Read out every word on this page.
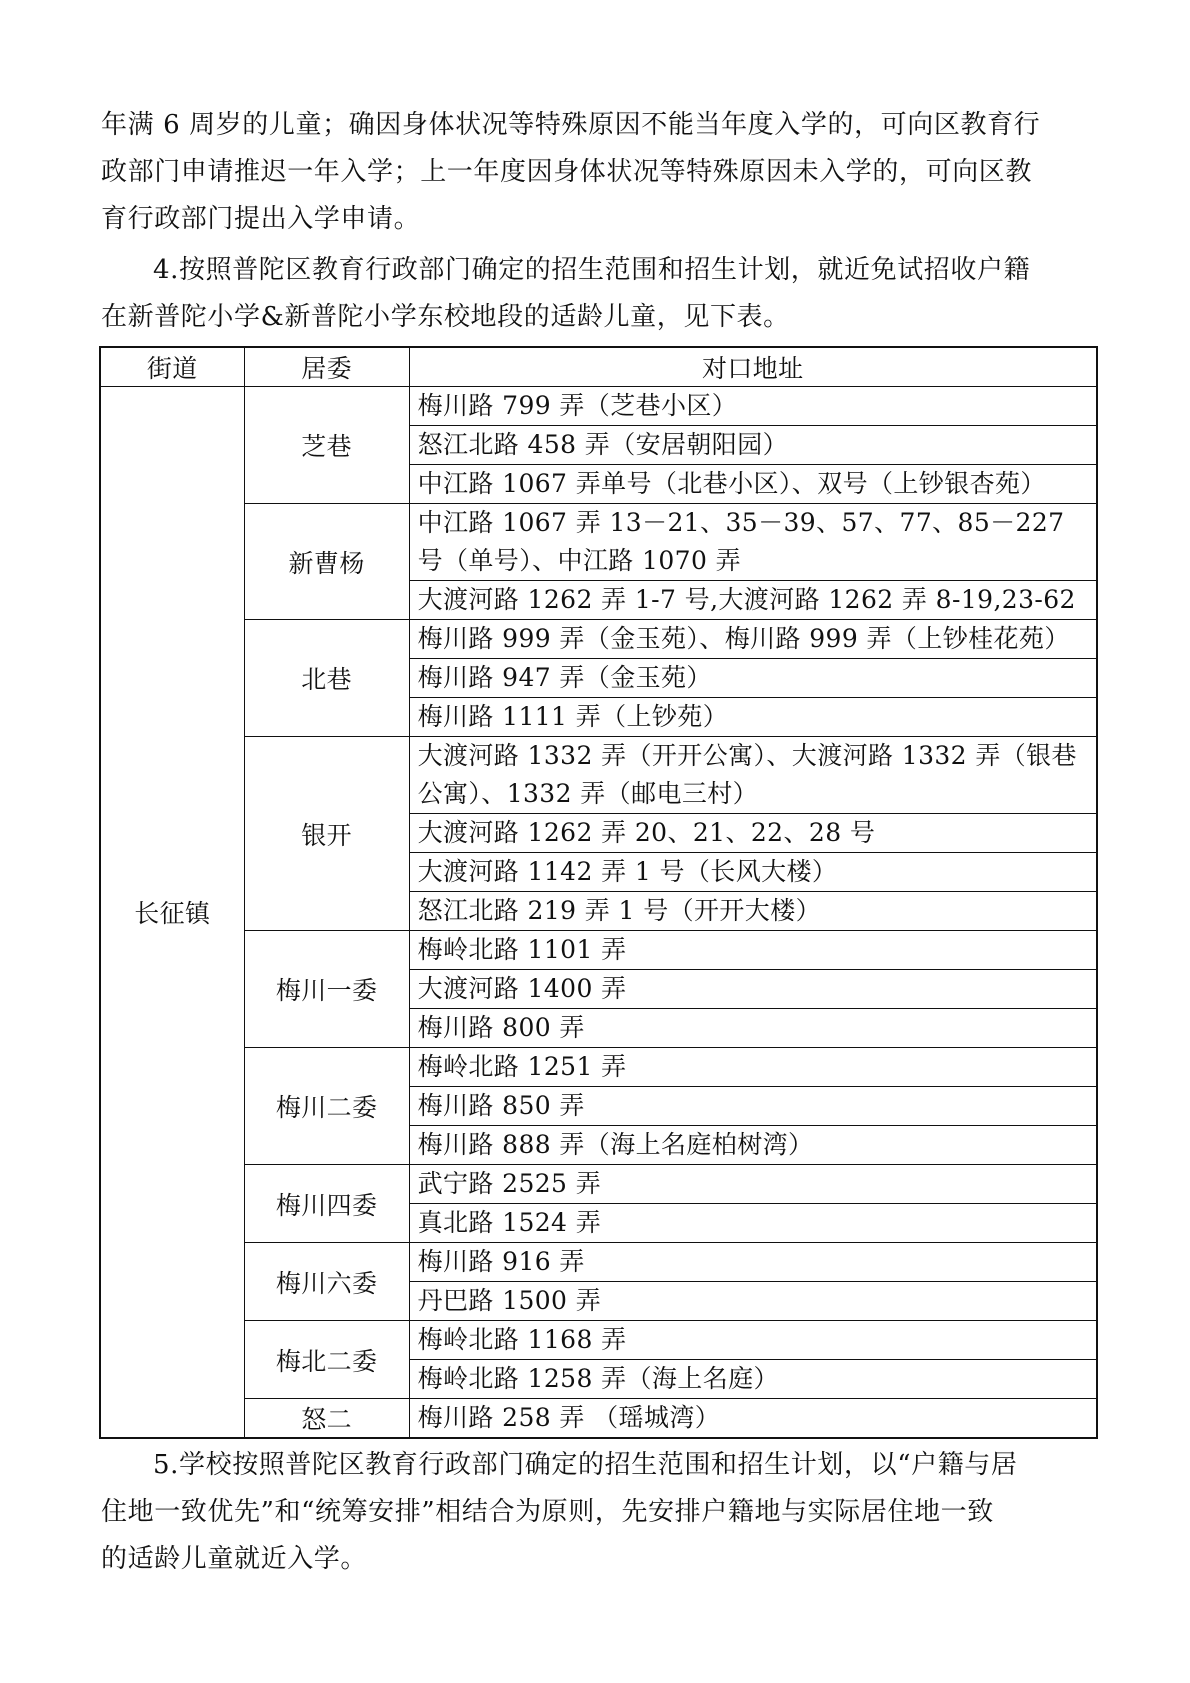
年满 6 周岁的儿童；确因身体状况等特殊原因不能当年度入学的，可向区教育行
政部门申请推迟一年入学；上一年度因身体状况等特殊原因未入学的，可向区教
育行政部门提出入学申请。
4.按照普陀区教育行政部门确定的招生范围和招生计划，就近免试招收户籍
在新普陀小学&新普陀小学东校地段的适龄儿童，见下表。
街道	居委	对口地址
长征镇	芝巷	梅川路 799 弄（芝巷小区）
		怒江北路 458 弄（安居朝阳园）
		中江路 1067 弄单号（北巷小区）、双号（上钞银杏苑）
	新曹杨	中江路 1067 弄 13－21、35－39、57、77、85－227 号（单号）、中江路 1070 弄
		大渡河路 1262 弄 1-7 号,大渡河路 1262 弄 8-19,23-62
	北巷	梅川路 999 弄（金玉苑）、梅川路 999 弄（上钞桂花苑）
		梅川路 947 弄（金玉苑）
		梅川路 1111 弄（上钞苑）
	银开	大渡河路 1332 弄（开开公寓）、大渡河路 1332 弄（银巷公寓）、1332 弄（邮电三村）
		大渡河路 1262 弄 20、21、22、28 号
		大渡河路 1142 弄 1 号（长风大楼）
		怒江北路 219 弄 1 号（开开大楼）
	梅川一委	梅岭北路 1101 弄
		大渡河路 1400 弄
		梅川路 800 弄
	梅川二委	梅岭北路 1251 弄
		梅川路 850 弄
		梅川路 888 弄（海上名庭柏树湾）
	梅川四委	武宁路 2525 弄
		真北路 1524 弄
	梅川六委	梅川路 916 弄
		丹巴路 1500 弄
	梅北二委	梅岭北路 1168 弄
		梅岭北路 1258 弄（海上名庭）
	怒二	梅川路 258 弄 （瑶城湾）
5.学校按照普陀区教育行政部门确定的招生范围和招生计划，以“户籍与居
住地一致优先”和“统筹安排”相结合为原则，先安排户籍地与实际居住地一致
的适龄儿童就近入学。
